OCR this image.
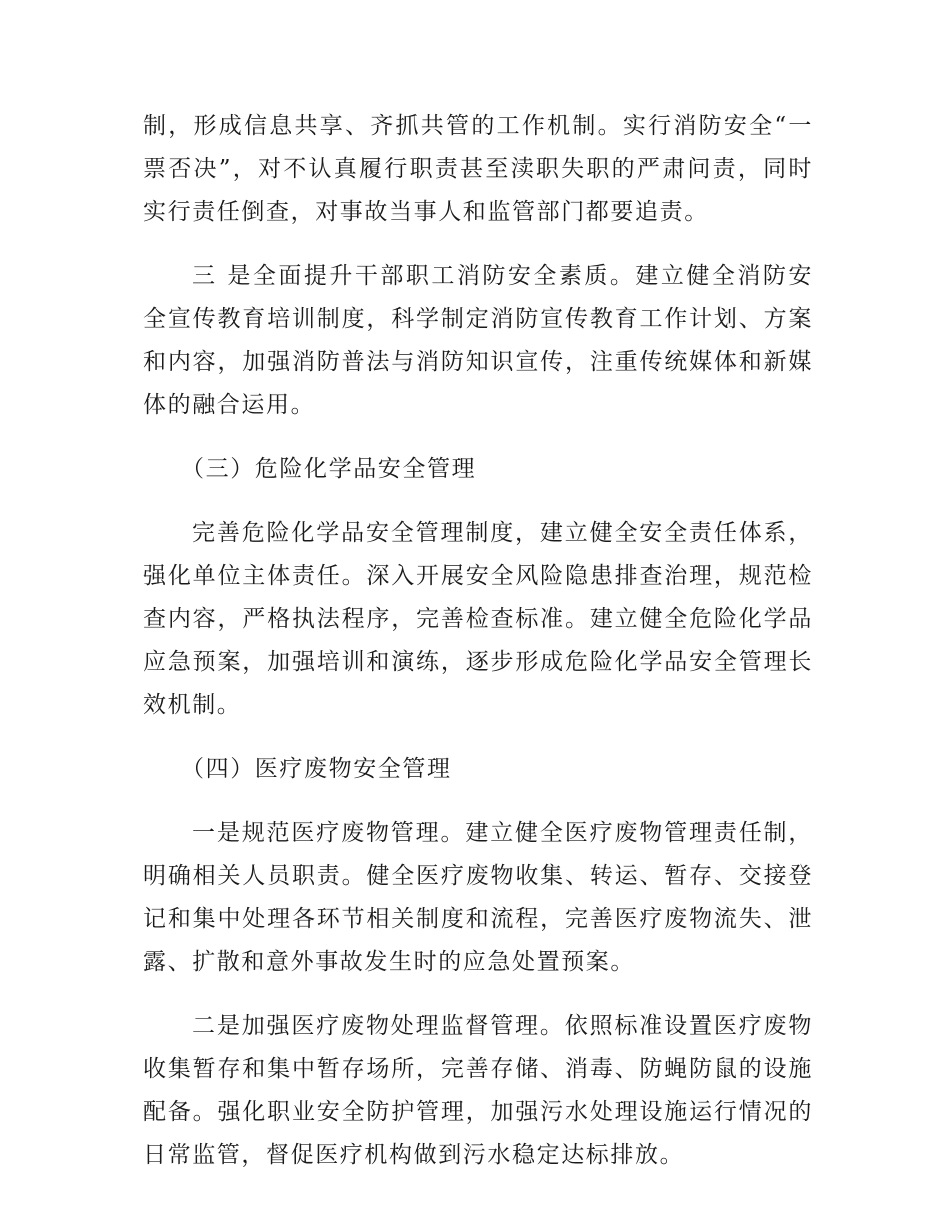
制，形成信息共享、齐抓共管的工作机制。实行消防安全“一票否决”，对不认真履行职责甚至渎职失职的严肃问责，同时实行责任倒查，对事故当事人和监管部门都要追责。

三 是全面提升干部职工消防安全素质。建立健全消防安全宣传教育培训制度，科学制定消防宣传教育工作计划、方案和内容，加强消防普法与消防知识宣传，注重传统媒体和新媒体的融合运用。

（三）危险化学品安全管理

完善危险化学品安全管理制度，建立健全安全责任体系，强化单位主体责任。深入开展安全风险隐患排查治理，规范检查内容，严格执法程序，完善检查标准。建立健全危险化学品应急预案，加强培训和演练，逐步形成危险化学品安全管理长效机制。

（四）医疗废物安全管理

一是规范医疗废物管理。建立健全医疗废物管理责任制，明确相关人员职责。健全医疗废物收集、转运、暂存、交接登记和集中处理各环节相关制度和流程，完善医疗废物流失、泄露、扩散和意外事故发生时的应急处置预案。

二是加强医疗废物处理监督管理。依照标准设置医疗废物收集暂存和集中暂存场所，完善存储、消毒、防蝇防鼠的设施配备。强化职业安全防护管理，加强污水处理设施运行情况的日常监管，督促医疗机构做到污水稳定达标排放。
